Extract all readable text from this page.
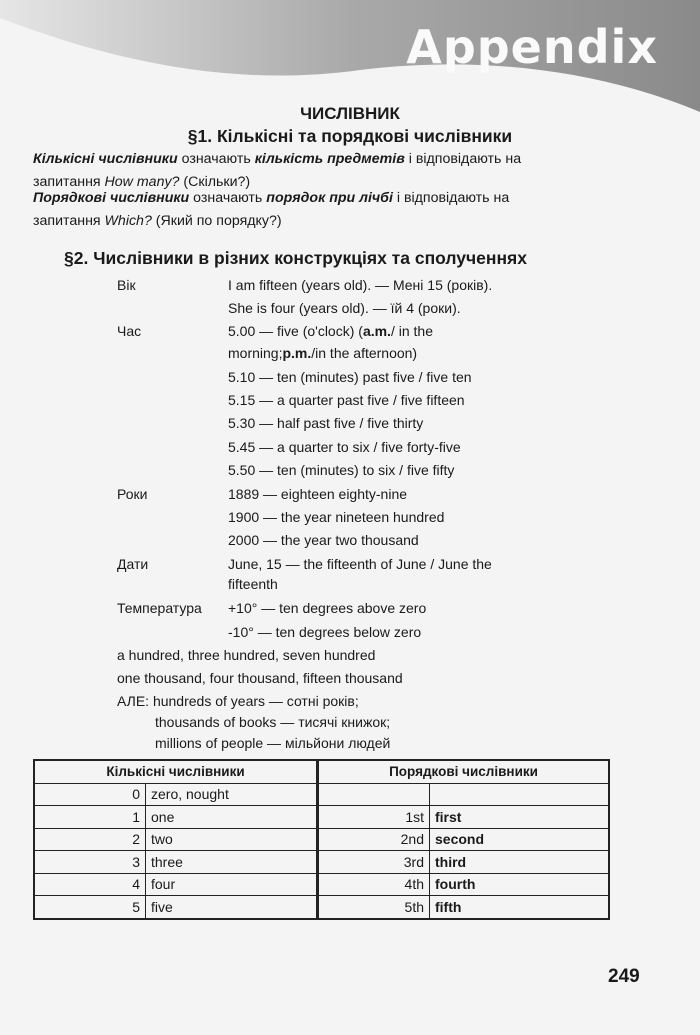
Appendix
ЧИСЛІВНИК
§1. Кількісні та порядкові числівники
Кількісні числівники означають кількість предметів і відповідають на
запитання How many? (Скільки?)
Порядкові числівники означають порядок при лічбі і відповідають на
запитання Which? (Який по порядку?)
§2. Числівники в різних конструкціях та сполученнях
Вік	I am fifteen (years old). — Мені 15 (років).
She is four (years old). — їй 4 (роки).
Час	5.00 — five (o'clock) (a.m./ in the
morning;p.m./in the afternoon)
5.10 — ten (minutes) past five / five ten
5.15 — a quarter past five / five fifteen
5.30 — half past five / five thirty
5.45 — a quarter to six / five forty-five
5.50 — ten (minutes) to six / five fifty
Роки	1889 — eighteen eighty-nine
1900 — the year nineteen hundred
2000 — the year two thousand
Дати	June, 15 — the fifteenth of June / June the
fifteenth
Температура +10° — ten degrees above zero
-10° — ten degrees below zero
a hundred, three hundred, seven hundred
one thousand, four thousand, fifteen thousand
АЛЕ: hundreds of years — сотні років;
thousands of books — тисячі книжок;
millions of people — мільйони людей
Кількісні числівники		Порядкові числівники	
0	zero, nought		
1	one	1st	first
2	two	2nd	second
3	three	3rd	third
4	four	4th	fourth
5	five	5th	fifth
249
